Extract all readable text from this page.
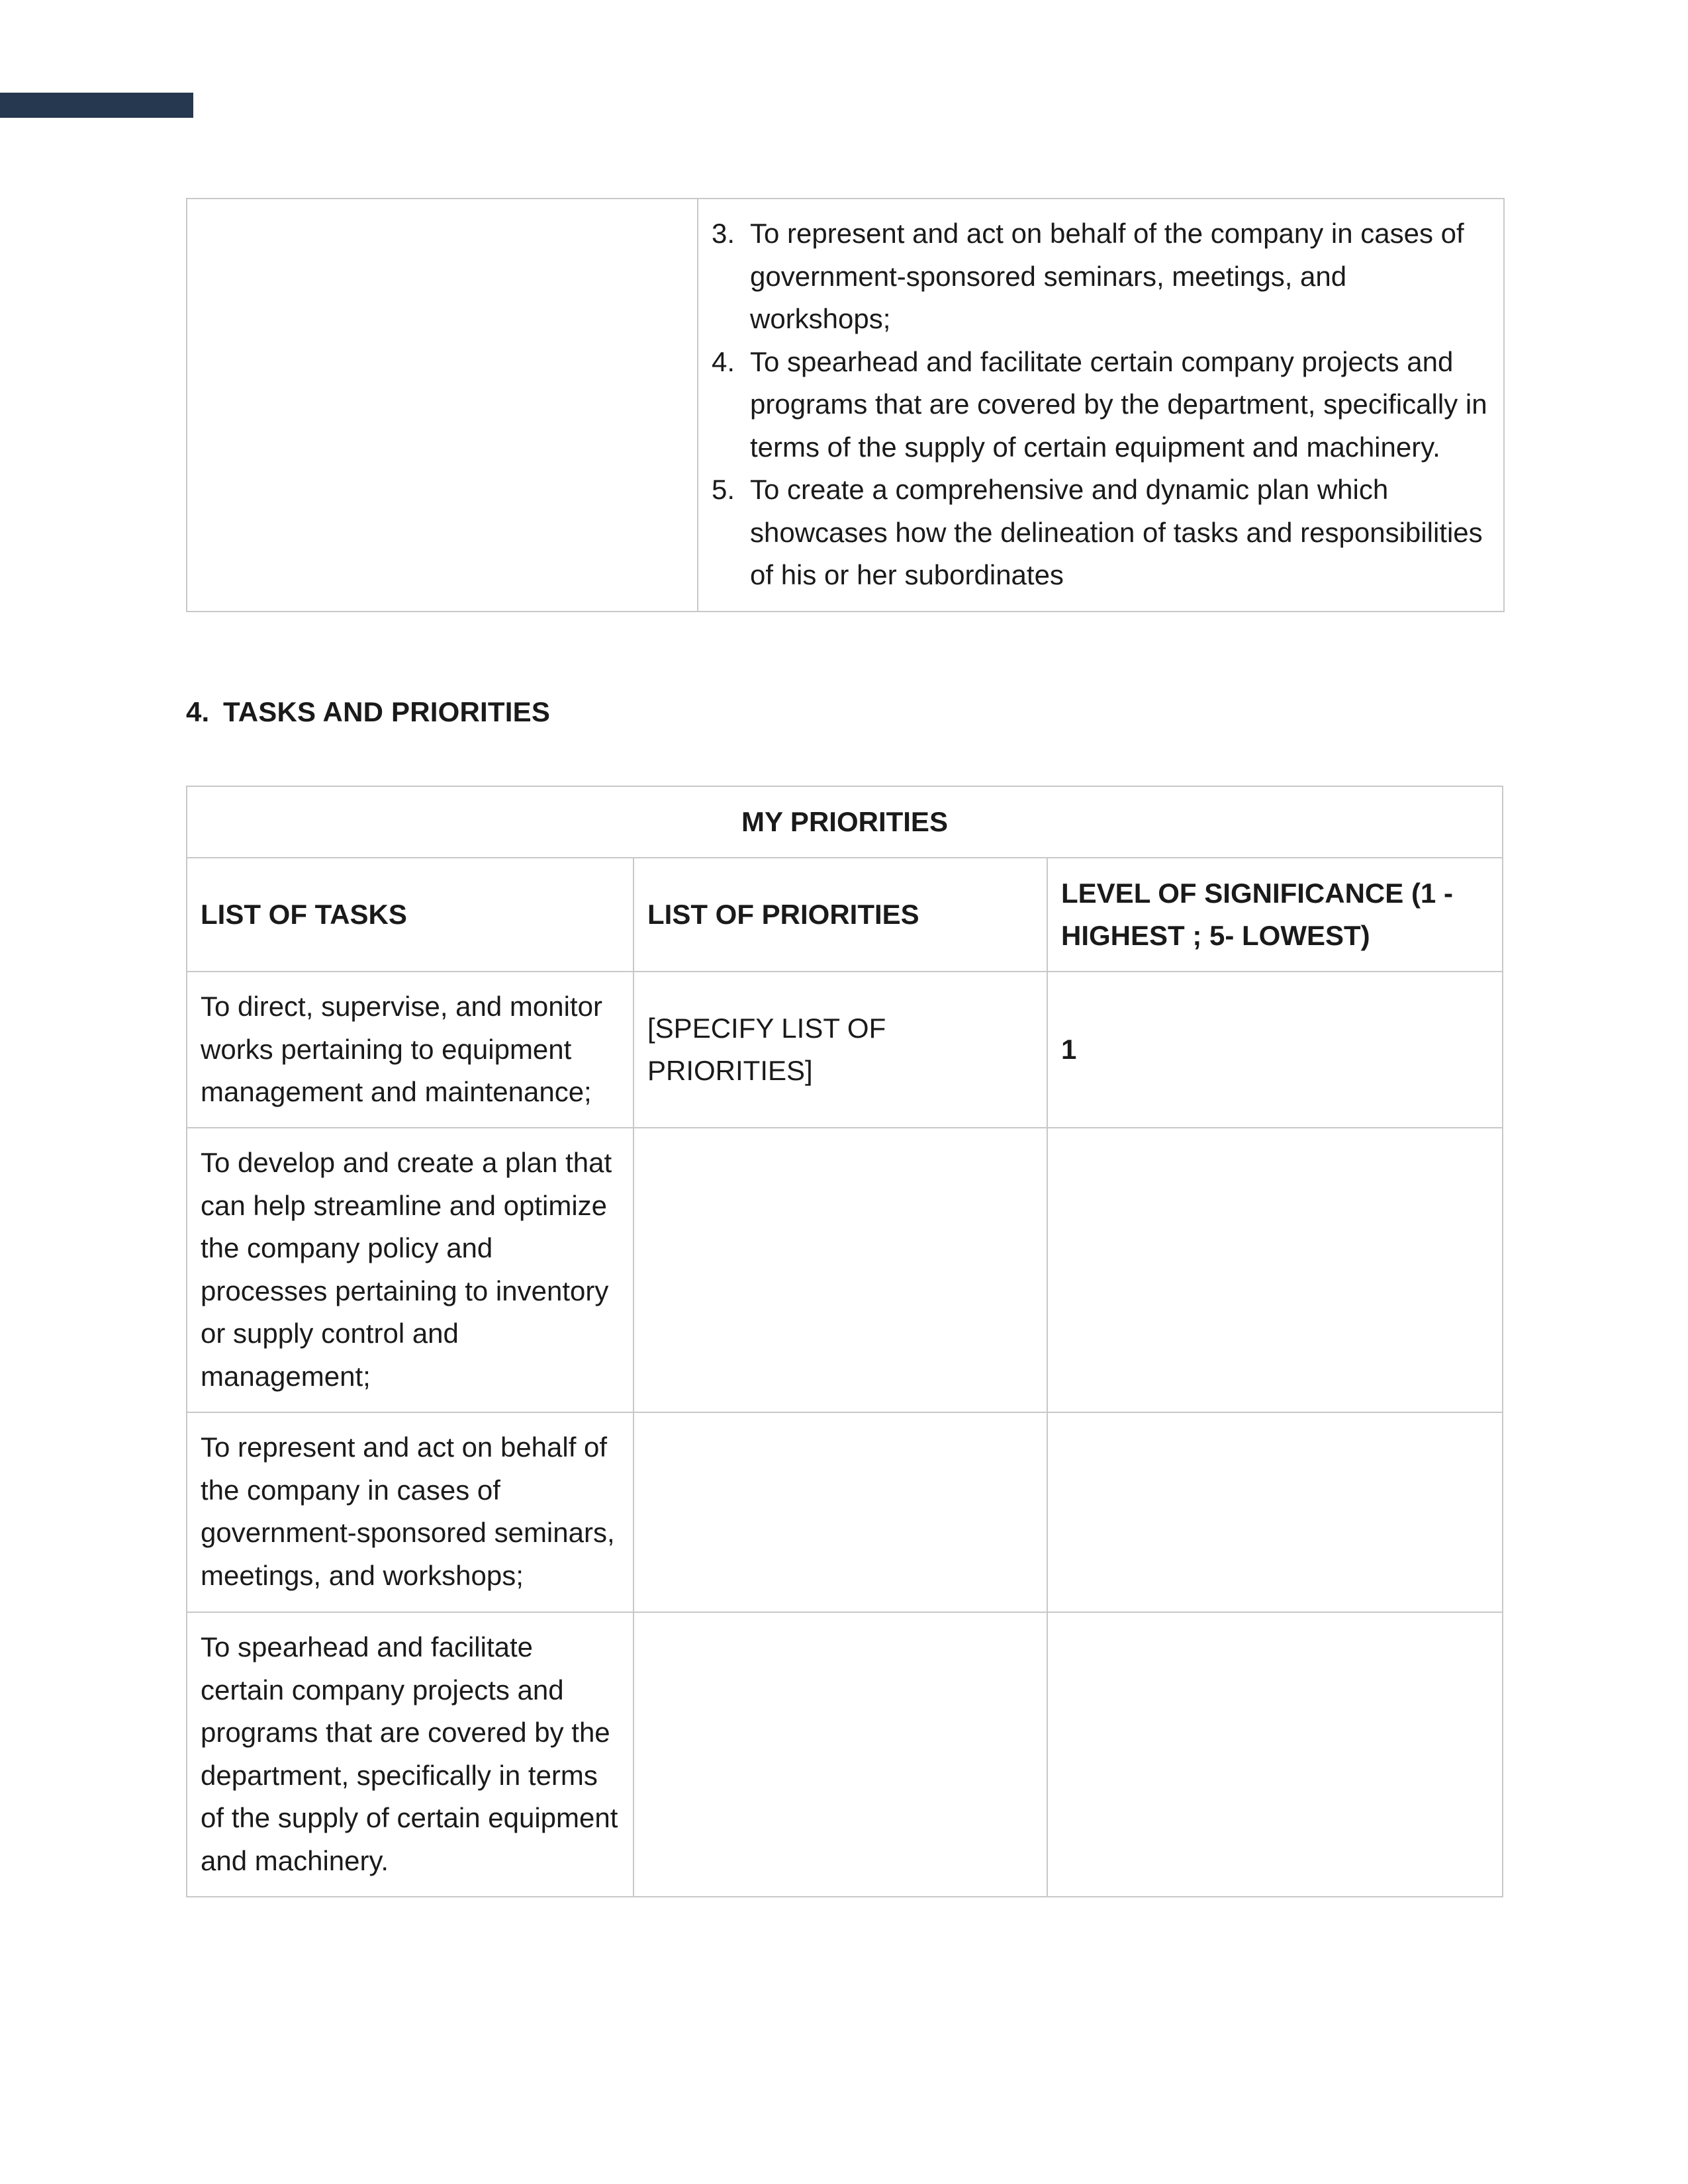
3. To represent and act on behalf of the company in cases of government-sponsored seminars, meetings, and workshops;
4. To spearhead and facilitate certain company projects and programs that are covered by the department, specifically in terms of the supply of certain equipment and machinery.
5. To create a comprehensive and dynamic plan which showcases how the delineation of tasks and responsibilities of his or her subordinates
4. TASKS AND PRIORITIES
MY PRIORITIES		
LIST OF TASKS	LIST OF PRIORITIES	LEVEL OF SIGNIFICANCE (1 - HIGHEST ; 5- LOWEST)
To direct, supervise, and monitor works pertaining to equipment management and maintenance;	[SPECIFY LIST OF PRIORITIES]	1
To develop and create a plan that can help streamline and optimize the company policy and processes pertaining to inventory or supply control and management;		
To represent and act on behalf of the company in cases of government-sponsored seminars, meetings, and workshops;		
To spearhead and facilitate certain company projects and programs that are covered by the department, specifically in terms of the supply of certain equipment and machinery.		
